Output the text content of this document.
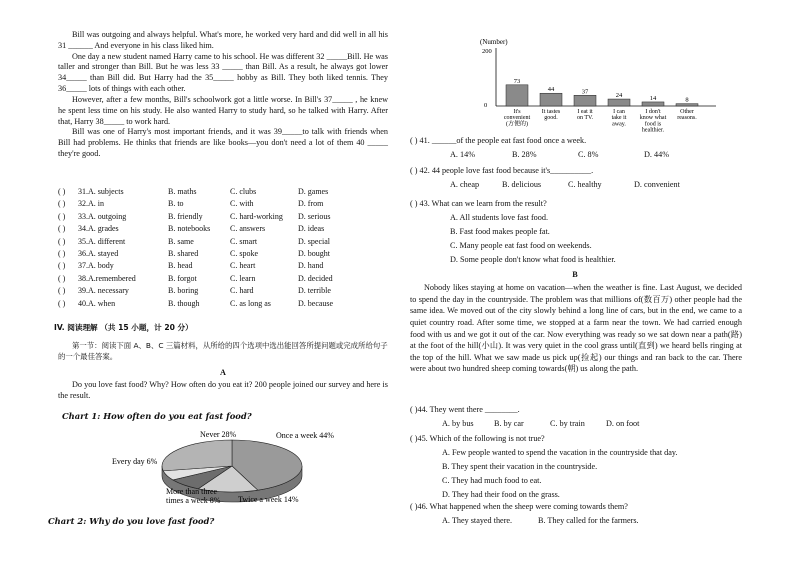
Bill was outgoing and always helpful. What's more, he worked very hard and did well in all his 31 ______ And everyone in his class liked him.

One day a new student named Harry came to his school. He was different 32 _____Bill. He was taller and stronger than Bill. But he was less 33 _____ than Bill. As a result, he always got lower 34_____ than Bill did. But Harry had the 35_____ hobby as Bill. They both liked tennis. They 36_____ lots of things with each other.

However, after a few months, Bill's schoolwork got a little worse. In Bill's 37_____ , he knew he spent less time on his study. He also wanted Harry to study hard, so he talked with Harry. After that, Harry 38_____ to work hard.

Bill was one of Harry's most important friends, and it was 39_____to talk with friends when Bill had problems. He thinks that friends are like books—you don't need a lot of them 40 _____ they're good.

( )	31.A. subjects	B. maths	C. clubs	D. games
( )	32.A. in	B. to	C. with	D. from
( )	33.A. outgoing	B. friendly	C. hard-working	D. serious
( )	34.A. grades	B. notebooks	C. answers	D. ideas
( )	35.A. different	B. same	C. smart	D. special
( )	36.A. stayed	B. shared	C. spoke	D. bought
( )	37.A. body	B. head	C. heart	D. hand
( )	38.A.remembered	B. forgot	C. learn	D. decided
( )	39.A. necessary	B. boring	C. hard	D. terrible
( )	40.A. when	B. though	C. as long as	D. because

IV. 阅读理解 （共 15 小题，计 20 分）

第一节：阅读下面 A、B、C 三篇材料，从所给的四个选项中选出能回答所提问题或完成所给句子的一个最佳答案。

A

Do you love fast food? Why? How often do you eat it? 200 people joined our survey and here is the result.

Chart 1: How often do you eat fast food?

Never 28%	Once a week 44%
Every day 6%
More than three
Twice a week 14%
times a week 8%

Chart 2: Why do you love fast food?

(Number)
200
0
73
It's convenient (方便的)
44
It tastes good.
37
I eat it on TV.
24
I can take it away.
14
I don't know what food is healthier.
8
Other reasons.

( ) 41. ______of the people eat fast food once a week.

A. 14%	B. 28%	C. 8%	D. 44%

( ) 42. 44 people love fast food because it's__________.

A. cheap	B. delicious	C. healthy	D. convenient

( ) 43. What can we learn from the result?

A. All students love fast food.

B. Fast food makes people fat.

C. Many people eat fast food on weekends.

D. Some people don't know what food is healthier.

B

Nobody likes staying at home on vacation—when the weather is fine. Last August, we decided to spend the day in the countryside. The problem was that millions of(数百万) other people had the same idea. We moved out of the city slowly behind a long line of cars, but in the end, we came to a quiet country road. After some time, we stopped at a farm near the town. We had carried enough food with us and we got it out of the car. Now everything was ready so we sat down near a path(路) at the foot of the hill(小山). It was very quiet in the cool grass until(直到) we heard bells ringing at the top of the hill. What we saw made us pick up(捡起) our things and ran back to the car. There were about two hundred sheep coming towards(朝) us along the path.

( )44. They went there ________.

A. by bus	B. by car	C. by train	D. on foot

( )45. Which of the following is not true?

A. Few people wanted to spend the vacation in the countryside that day.

B. They spent their vacation in the countryside.

C. They had much food to eat.

D. They had their food on the grass.

( )46. What happened when the sheep were coming towards them?

A. They stayed there.	B. They called for the farmers.
